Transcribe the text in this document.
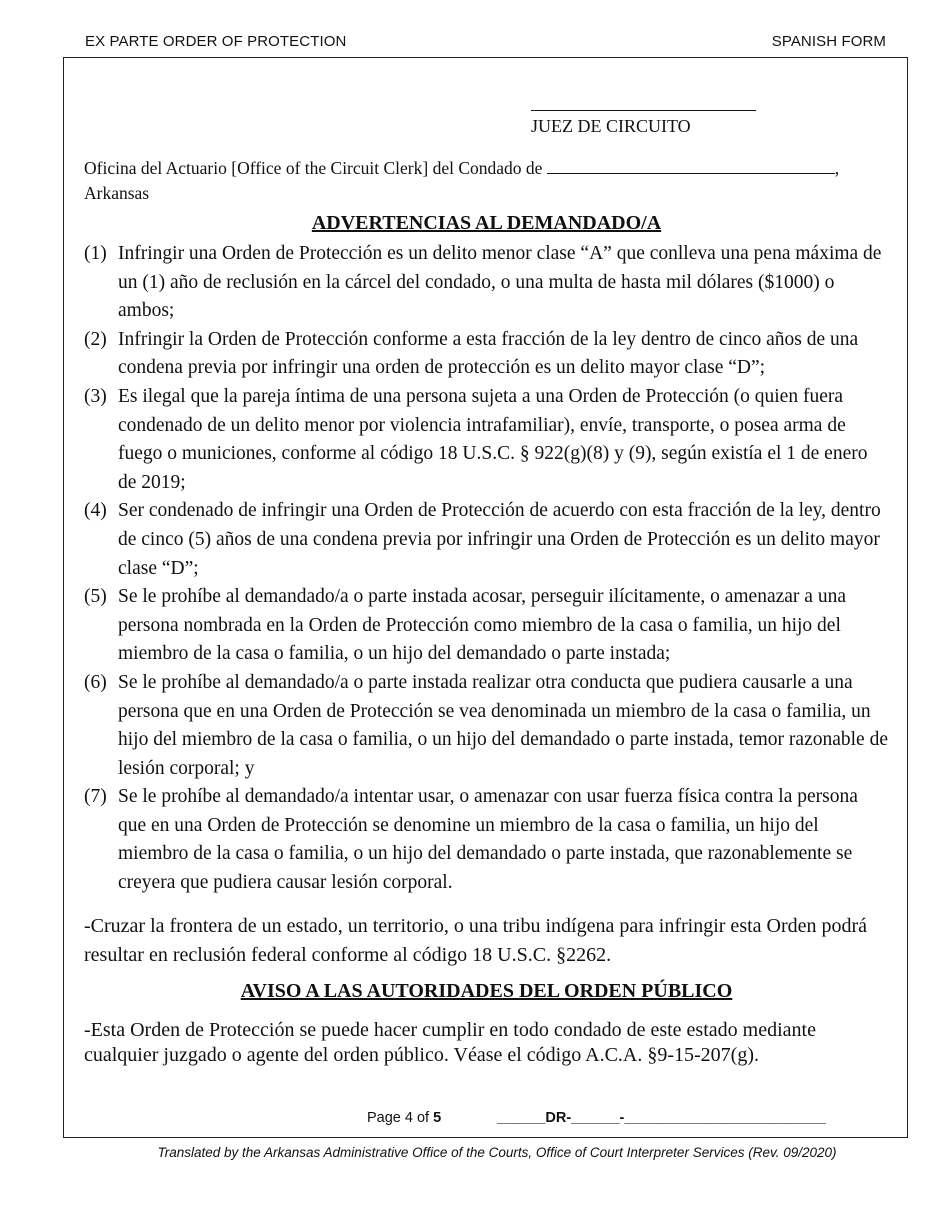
EX PARTE ORDER OF PROTECTION	SPANISH FORM
JUEZ DE CIRCUITO
Oficina del Actuario [Office of the Circuit Clerk] del Condado de	,
Arkansas
ADVERTENCIAS AL DEMANDADO/A
(1) Infringir una Orden de Protección es un delito menor clase “A” que conlleva una pena máxima de un (1) año de reclusión en la cárcel del condado, o una multa de hasta mil dólares ($1000) o ambos;
(2) Infringir la Orden de Protección conforme a esta fracción de la ley dentro de cinco años de una condena previa por infringir una orden de protección es un delito mayor clase “D”;
(3) Es ilegal que la pareja íntima de una persona sujeta a una Orden de Protección (o quien fuera condenado de un delito menor por violencia intrafamiliar), envíe, transporte, o posea arma de fuego o municiones, conforme al código 18 U.S.C. § 922(g)(8) y (9), según existía el 1 de enero de 2019;
(4) Ser condenado de infringir una Orden de Protección de acuerdo con esta fracción de la ley, dentro de cinco (5) años de una condena previa por infringir una Orden de Protección es un delito mayor clase “D”;
(5) Se le prohíbe al demandado/a o parte instada acosar, perseguir ilícitamente, o amenazar a una persona nombrada en la Orden de Protección como miembro de la casa o familia, un hijo del miembro de la casa o familia, o un hijo del demandado o parte instada;
(6) Se le prohíbe al demandado/a o parte instada realizar otra conducta que pudiera causarle a una persona que en una Orden de Protección se vea denominada un miembro de la casa o familia, un hijo del miembro de la casa o familia, o un hijo del demandado o parte instada, temor razonable de lesión corporal; y
(7) Se le prohíbe al demandado/a intentar usar, o amenazar con usar fuerza física contra la persona que en una Orden de Protección se denomine un miembro de la casa o familia, un hijo del miembro de la casa o familia, o un hijo del demandado o parte instada, que razonablemente se creyera que pudiera causar lesión corporal.
-Cruzar la frontera de un estado, un territorio, o una tribu indígena para infringir esta Orden podrá resultar en reclusión federal conforme al código 18 U.S.C. §2262.
AVISO A LAS AUTORIDADES DEL ORDEN PÚBLICO
-Esta Orden de Protección se puede hacer cumplir en todo condado de este estado mediante cualquier juzgado o agente del orden público. Véase el código A.C.A. §9-15-207(g).
Page 4 of 5	______DR-______-_________________________
Translated by the Arkansas Administrative Office of the Courts, Office of Court Interpreter Services (Rev. 09/2020)
